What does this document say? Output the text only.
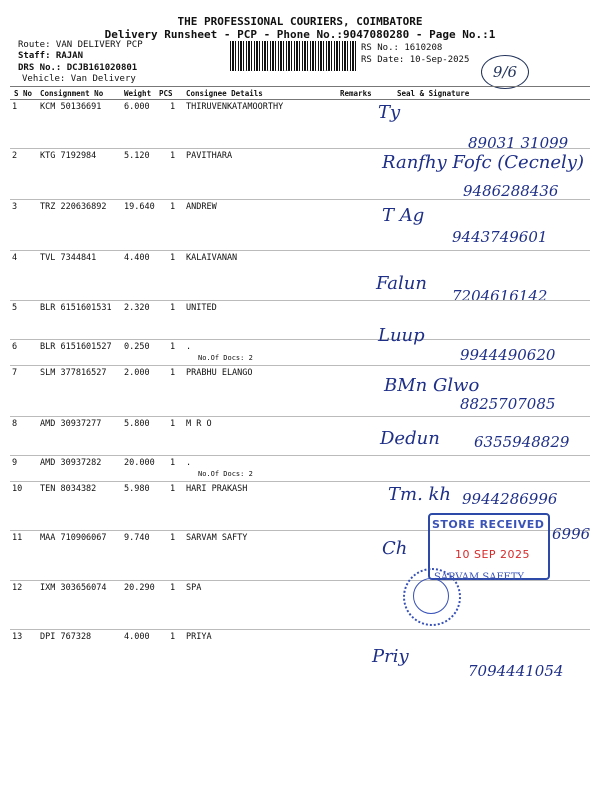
THE PROFESSIONAL COURIERS, COIMBATORE
Delivery Runsheet - PCP - Phone No.:9047080280 - Page No.:1
Route: VAN DELIVERY PCP
Staff: RAJAN
DRS No.: DCJB161020801
Vehicle: Van Delivery
RS No.: 1610208
RS Date: 10-Sep-2025
9/6
S No Consignment No	Weight PCS Consignee Details	Remarks	Seal & Signature
1	KCM 50136691	6.000 1 THIRUVENKATAMOORTHY	Ty
89031 31099
2	KTG 7192984	5.120 1 PAVITHARA	Ranfhy Fofc (Cecnely)
9486288436
3	TRZ 220636892 19.640 1 ANDREW	T Ag
9443749601
4	TVL 7344841	4.400 1 KALAIVANAN
Falun
7204616142
5	BLR 6151601531 2.320 1 UNITED
6	BLR 6151601527 0.250 1 .
No.Of Docs: 2
Luup
9944490620
7	SLM 377816527 2.000 1 PRABHU ELANGO
BMn Glwo
8825707085
8	AMD 30937277	5.800 1 M R O
Dedun 6355948829
9	AMD 30937282	20.000 1 .
No.Of Docs: 2
10 TEN 8034382	5.980 1 HARI PRAKASH	Tm. kh 9944286996
11 MAA 710906067 9.740 1 SARVAM SAFTY	Ch
6996
12 IXM 303656074 20.290 1 SPA
13 DPI 767328	4.000 1 PRIYA
Priy
7094441054
STORE RECEIVED
10 SEP 2025
SARVAM SAFETY
